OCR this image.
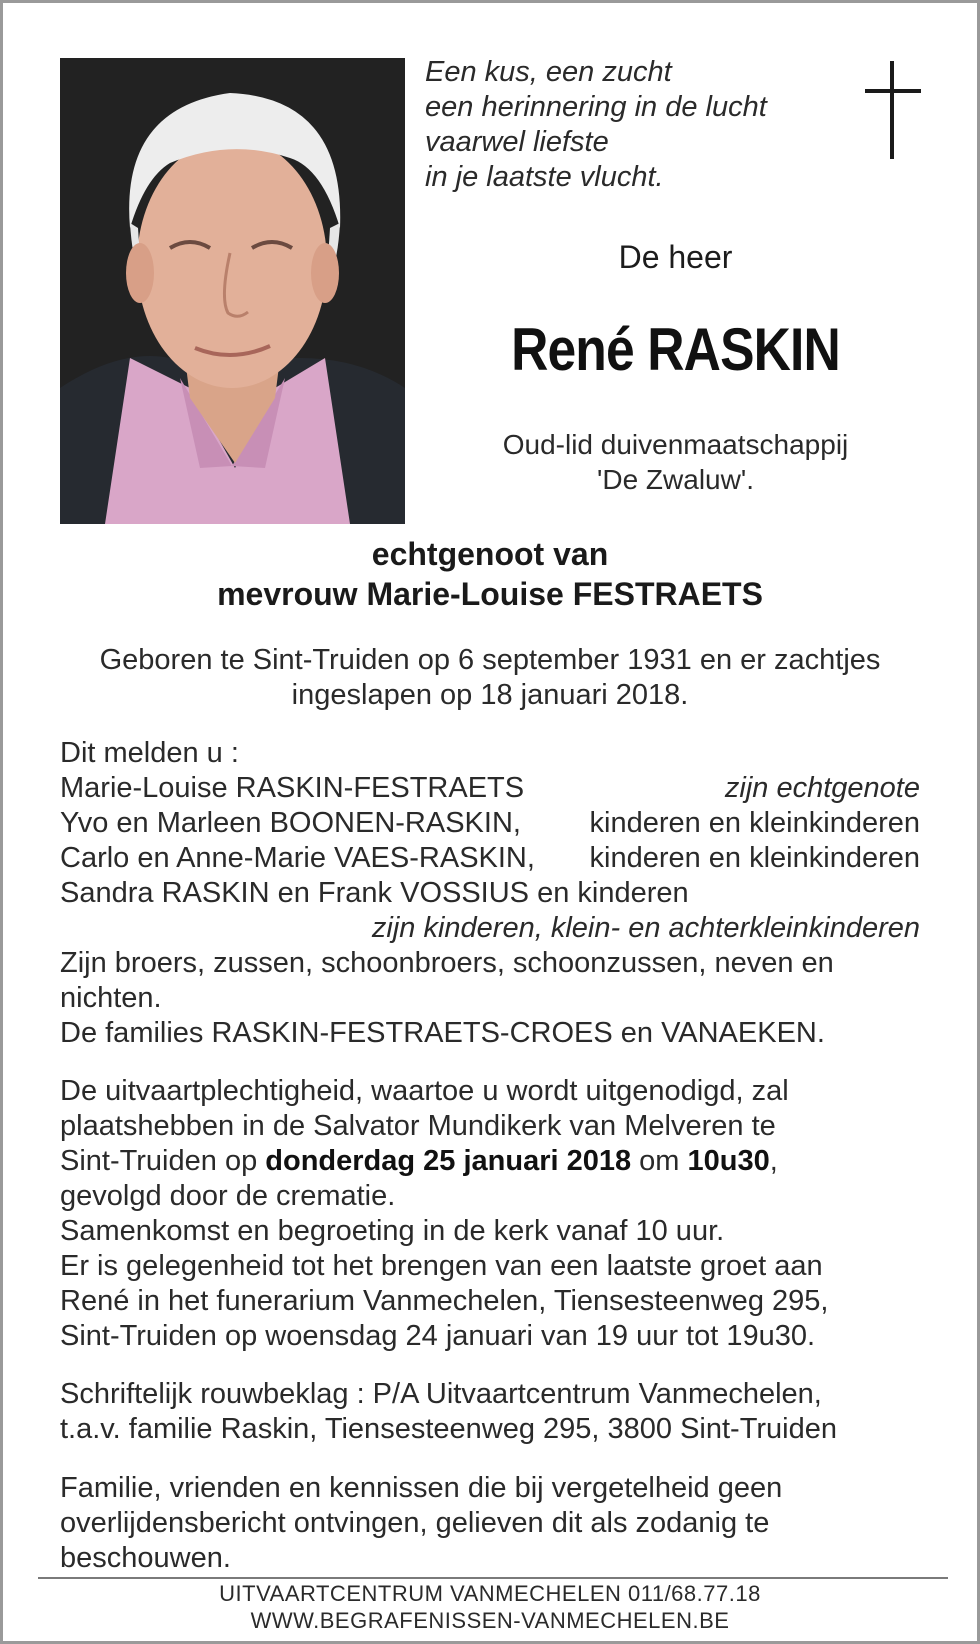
Een kus, een zucht
een herinnering in de lucht
vaarwel liefste
in je laatste vlucht.

De heer

René RASKIN

Oud-lid duivenmaatschappij
'De Zwaluw'.

echtgenoot van
mevrouw Marie-Louise FESTRAETS

Geboren te Sint-Truiden op 6 september 1931 en er zachtjes
ingeslapen op 18 januari 2018.

Dit melden u :
Marie-Louise RASKIN-FESTRAETS	zijn echtgenote
Yvo en Marleen BOONEN-RASKIN, kinderen en kleinkinderen
Carlo en Anne-Marie VAES-RASKIN, kinderen en kleinkinderen
Sandra RASKIN en Frank VOSSIUS en kinderen
zijn kinderen, klein- en achterkleinkinderen
Zijn broers, zussen, schoonbroers, schoonzussen, neven en
nichten.
De families RASKIN-FESTRAETS-CROES en VANAEKEN.
De uitvaartplechtigheid, waartoe u wordt uitgenodigd, zal
plaatshebben in de Salvator Mundikerk van Melveren te
Sint-Truiden op donderdag 25 januari 2018 om 10u30,
gevolgd door de crematie.
Samenkomst en begroeting in de kerk vanaf 10 uur.
Er is gelegenheid tot het brengen van een laatste groet aan
René in het funerarium Vanmechelen, Tiensesteenweg 295,
Sint-Truiden op woensdag 24 januari van 19 uur tot 19u30.
Schriftelijk rouwbeklag : P/A Uitvaartcentrum Vanmechelen,
t.a.v. familie Raskin, Tiensesteenweg 295, 3800 Sint-Truiden
Familie, vrienden en kennissen die bij vergetelheid geen
overlijdensbericht ontvingen, gelieven dit als zodanig te
beschouwen.

UITVAARTCENTRUM VANMECHELEN 011/68.77.18
WWW.BEGRAFENISSEN-VANMECHELEN.BE
